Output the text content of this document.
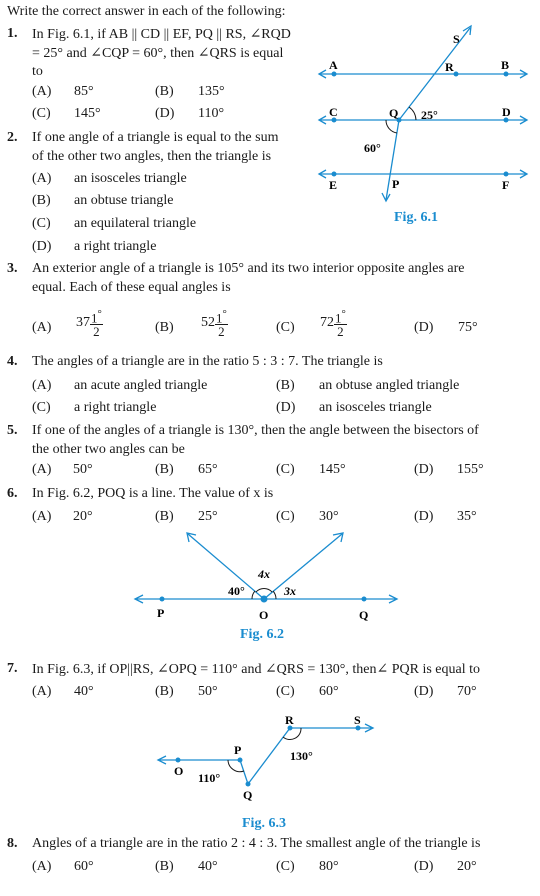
Write the correct answer in each of the following:
1. In Fig. 6.1, if AB || CD || EF, PQ || RS, ∠RQD
= 25° and ∠CQP = 60°, then ∠QRS is equal
to
(A) 85°	(B) 135°
(C) 145°	(D) 110°
2. If one angle of a triangle is equal to the sum
of the other two angles, then the triangle is
(A) an isosceles triangle
(B) an obtuse triangle
(C) an equilateral triangle
(D) a right triangle
A	B
C	D
E	F
R
S
Q
P
25°
60°
Fig. 6.1
3. An exterior angle of a triangle is 105° and its two interior opposite angles are
equal. Each of these equal angles is
(A) $37 \frac{1^\circ}{2}$	(B) $52 \frac{1^\circ}{2}$	(C) $72 \frac{1^\circ}{2}$	(D) 75°
4. The angles of a triangle are in the ratio 5 : 3 : 7. The triangle is
(A) an acute angled triangle	(B) an obtuse angled triangle
(C) a right triangle	(D) an isosceles triangle
5. If one of the angles of a triangle is 130°, then the angle between the bisectors of
the other two angles can be
(A) 50°	(B) 65°	(C) 145°	(D) 155°
6. In Fig. 6.2, POQ is a line. The value of x is
(A) 20°	(B) 25°	(C) 30°	(D) 35°
4x
40°	3x
P	O	Q
Fig. 6.2
7. In Fig. 6.3, if OP||RS, ∠OPQ = 110° and ∠QRS = 130°, then∠ PQR is equal to
(A) 40°	(B) 50°	(C) 60°	(D) 70°
O
P
Q
R	S
110°
130°
Fig. 6.3
8. Angles of a triangle are in the ratio 2 : 4 : 3. The smallest angle of the triangle is
(A) 60°	(B) 40°	(C) 80°	(D) 20°
